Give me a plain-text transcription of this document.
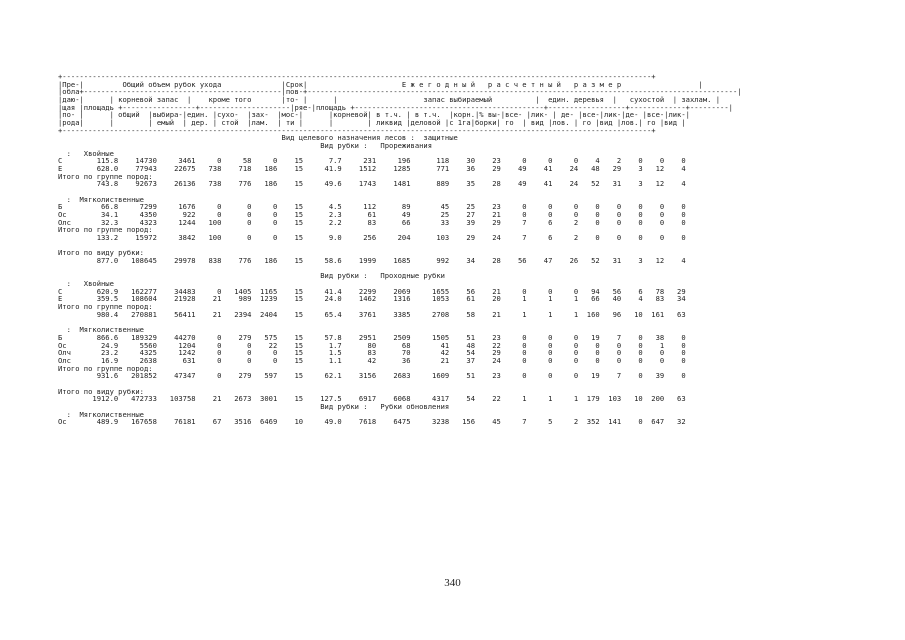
+-----------------------------------------------------------------------------------------------------------------------------------------+
|Пре-|         Общий объем рубок ухода              |Срок|                      Е ж е г о д н ы й   р а с ч е т н ы й   р а з м е р                  |
|обла+----------------------------------------------|пов-+----------------------------------------------------------------------------------------------------|
|даю-|      | корневой запас  |    кроме того       |то- |      |                    запас выбираемый          |  един. деревья  |   сухостой  | захлам. |
|щая |площадь +-----------------+---------------------|ряе-|площадь +--------------------------------------------+------------------+-------------+---------|
|по- |      | общий  |выбира-|един. |сухо-  |зах-  |мос-|      |корневой| в т.ч. | в т.ч.  |корн.|% вы-|все- |лик- | де- |все-|лик-|де- |все-|лик-|
|рода|      |        | емый  | дер. | стой  |лам.  | ти |      |        | ликвид |деловой |с 1га|борки| го  | вид |лов. | го |вид |лов.| го |вид |
+-----------------------------------------------------------------------------------------------------------------------------------------+
Вид целевого назначения лесов :  защитные
Вид рубки :   Прореживания
:   Хвойные
С        115.8    14730     3461     0     58     0    15      7.7     231     196      118    30    23     0     0     0    4    2    0    0    0
Е        628.0    77943    22675   738    718   186    15     41.9    1512    1285      771    36    29    49    41    24   48   29    3   12    4
Итого по группе пород:
743.8    92673    26136   738    776   186    15     49.6    1743    1481      889    35    28    49    41    24   52   31    3   12    4
:  Мягколиственные
Б         66.8     7299     1676     0      0     0    15      4.5     112      89       45    25    23     0     0     0    0    0    0    0    0
Ос        34.1     4350      922     0      0     0    15      2.3      61      49       25    27    21     0     0     0    0    0    0    0    0
Олс       32.3     4323     1244   100      0     0    15      2.2      83      66       33    39    29     7     6     2    0    0    0    0    0
Итого по группе пород:
133.2    15972     3842   100      0     0    15      9.0     256     204      103    29    24     7     6     2    0    0    0    0    0
Итого по виду рубки:
877.0   108645    29978   838    776   186    15     58.6    1999    1685      992    34    28    56    47    26   52   31    3   12    4
Вид рубки :   Проходные рубки
:   Хвойные
С        620.9   162277    34483     0   1405  1165    15     41.4    2299    2069     1655    56    21     0     0     0   94   56    6   78   29
Е        359.5   108604    21928    21    989  1239    15     24.0    1462    1316     1053    61    20     1     1     1   66   40    4   83   34
Итого по группе пород:
980.4   270881    56411    21   2394  2404    15     65.4    3761    3385     2708    58    21     1     1     1  160   96   10  161   63
:  Мягколиственные
Б        866.6   189329    44270     0    279   575    15     57.8    2951    2509     1505    51    23     0     0     0   19    7    0   38    0
Ос        24.9     5560     1204     0      0    22    15      1.7      80      68       41    48    22     0     0     0    0    0    0    1    0
Олч       23.2     4325     1242     0      0     0    15      1.5      83      70       42    54    29     0     0     0    0    0    0    0    0
Олс       16.9     2638      631     0      0     0    15      1.1      42      36       21    37    24     0     0     0    0    0    0    0    0
Итого по группе пород:
931.6   201852    47347     0    279   597    15     62.1    3156    2683     1609    51    23     0     0     0   19    7    0   39    0
Итого по виду рубки:
1912.0   472733   103758    21   2673  3001    15    127.5    6917    6068     4317    54    22     1     1     1  179  103   10  200   63
Вид рубки :   Рубки обновления
:  Мягколиственные
Ос       489.9   167658    76181    67   3516  6469    10     49.0    7618    6475     3238   156    45     7     5     2  352  141    0  647   32
340
